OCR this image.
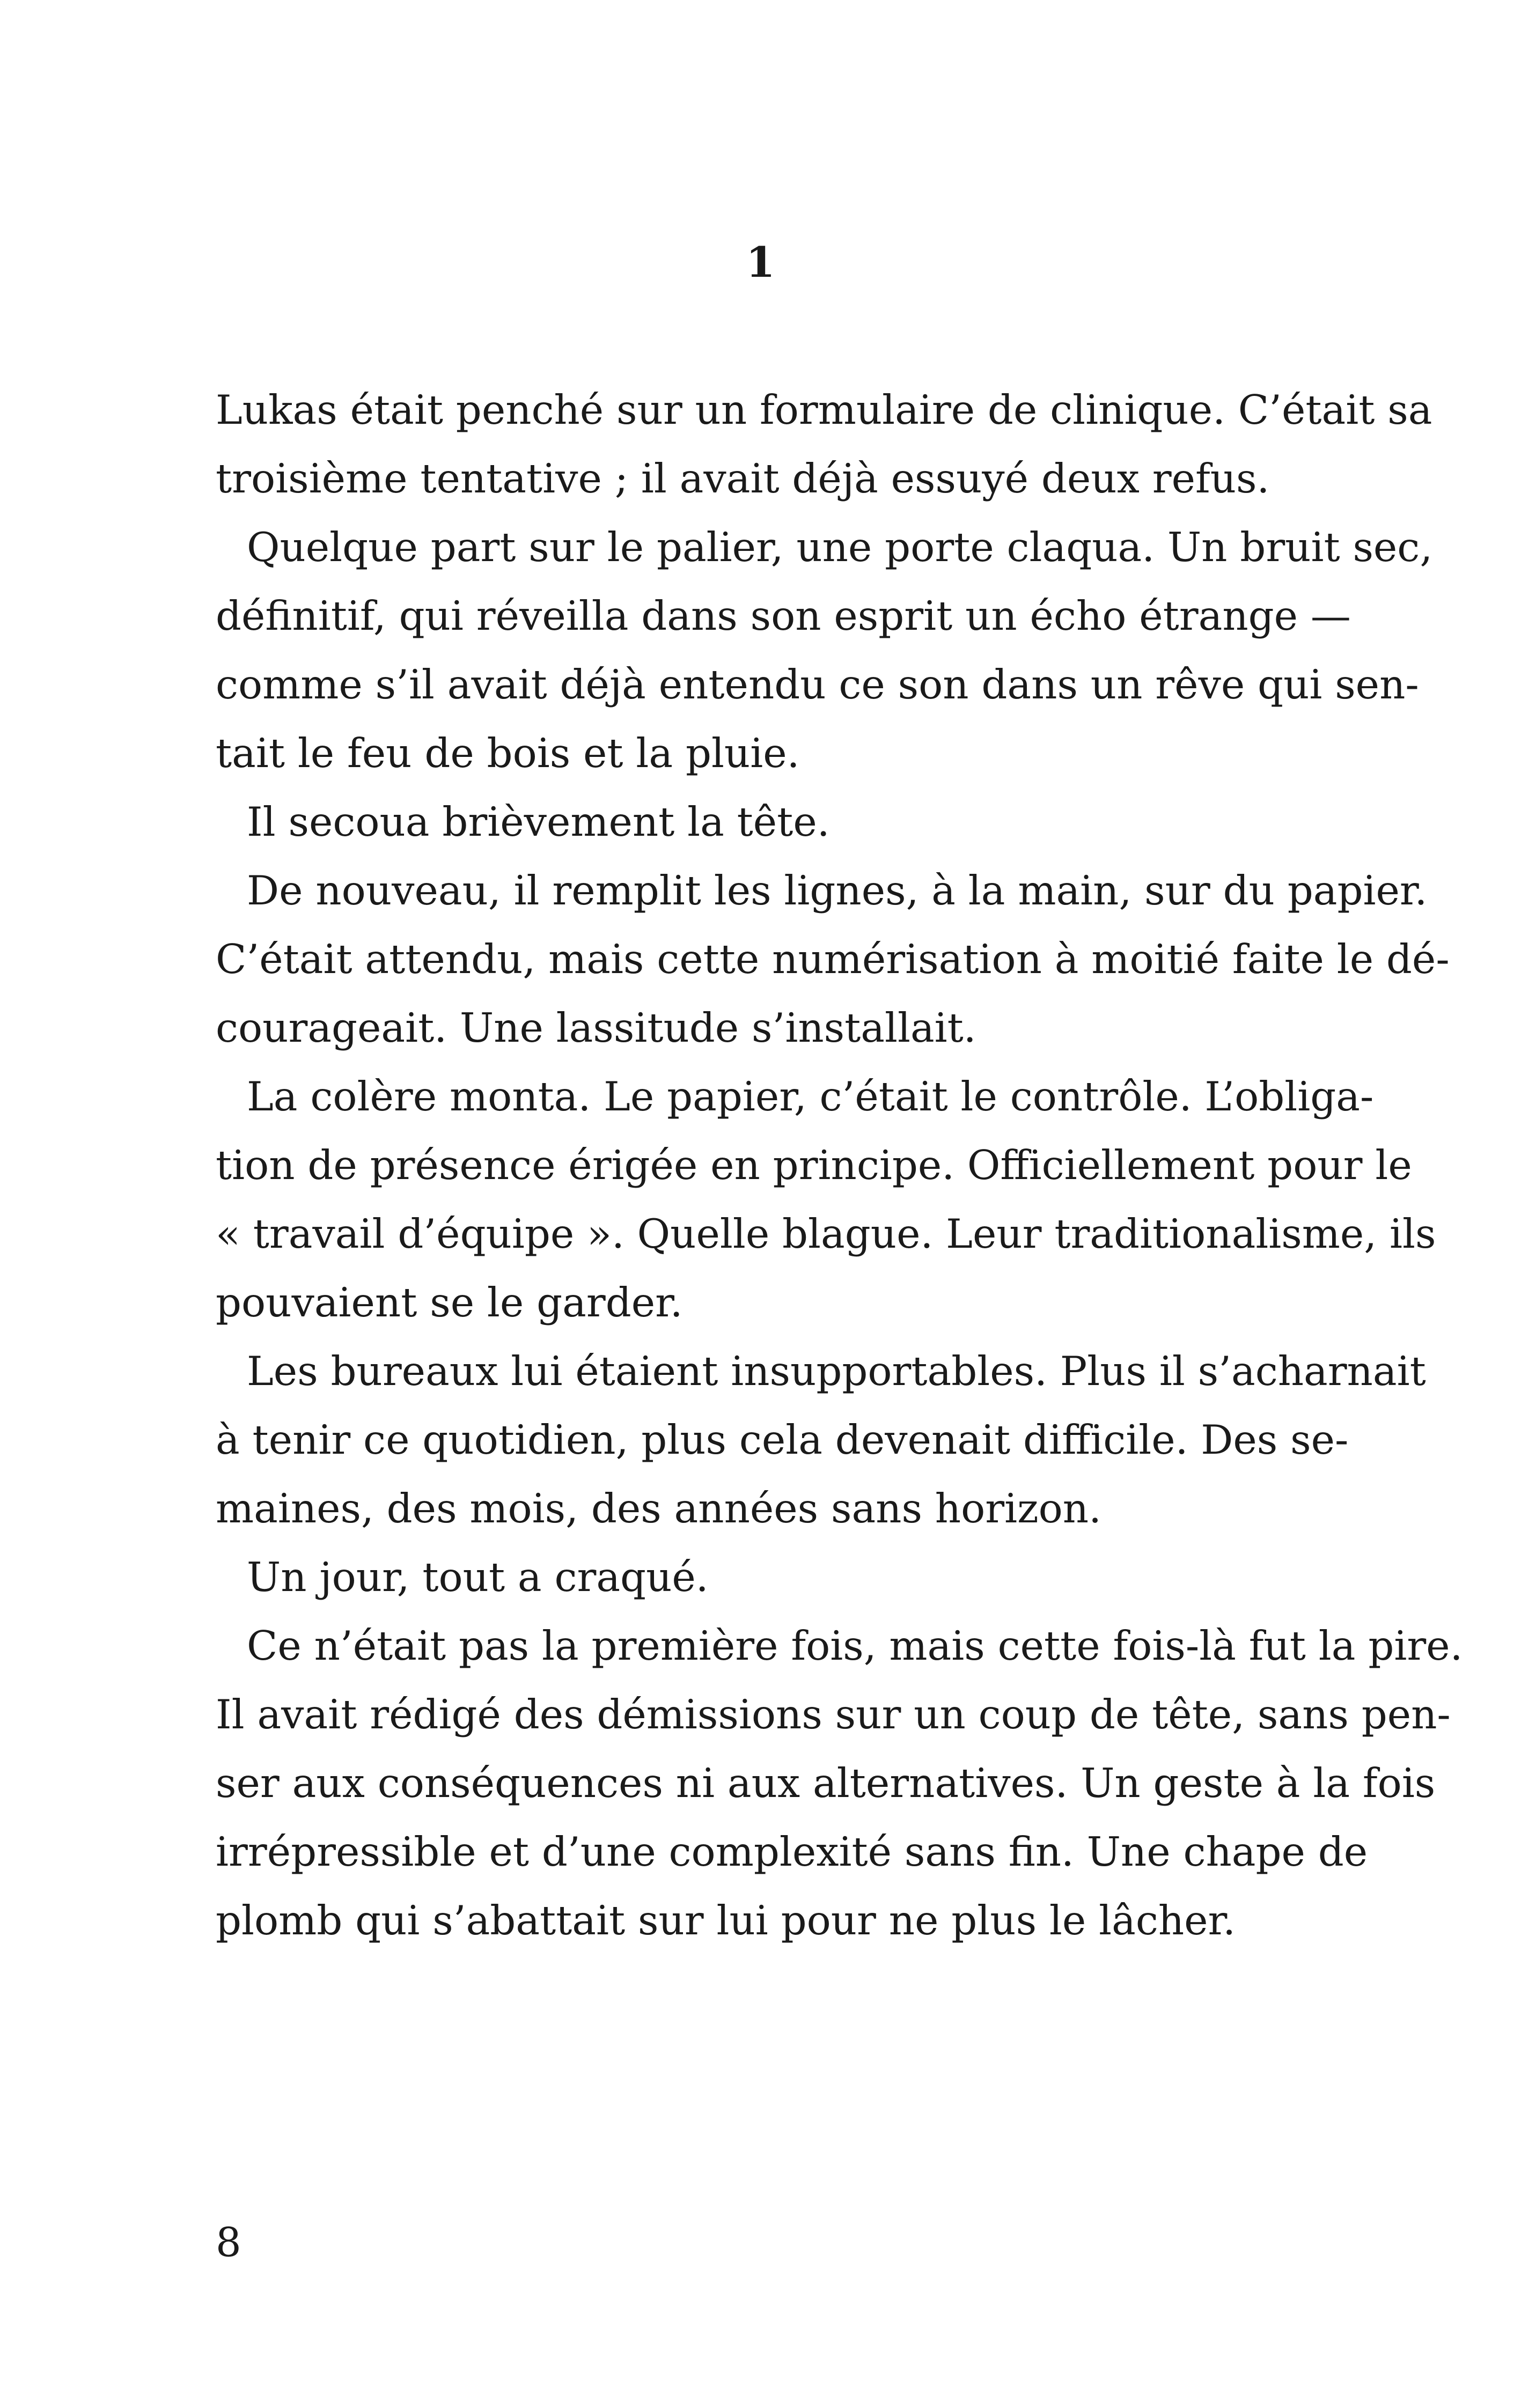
1
Lukas était penché sur un formulaire de clinique. C’était sa
troisième tentative ; il avait déjà essuyé deux refus.
Quelque part sur le palier, une porte claqua. Un bruit sec,
définitif, qui réveilla dans son esprit un écho étrange —
comme s’il avait déjà entendu ce son dans un rêve qui sen-
tait le feu de bois et la pluie.
Il secoua brièvement la tête.
De nouveau, il remplit les lignes, à la main, sur du papier.
C’était attendu, mais cette numérisation à moitié faite le dé-
courageait. Une lassitude s’installait.
La colère monta. Le papier, c’était le contrôle. L’obliga-
tion de présence érigée en principe. Officiellement pour le
« travail d’équipe ». Quelle blague. Leur traditionalisme, ils
pouvaient se le garder.
Les bureaux lui étaient insupportables. Plus il s’acharnait
à tenir ce quotidien, plus cela devenait difficile. Des se-
maines, des mois, des années sans horizon.
Un jour, tout a craqué.
Ce n’était pas la première fois, mais cette fois-là fut la pire.
Il avait rédigé des démissions sur un coup de tête, sans pen-
ser aux conséquences ni aux alternatives. Un geste à la fois
irrépressible et d’une complexité sans fin. Une chape de
plomb qui s’abattait sur lui pour ne plus le lâcher.
8
